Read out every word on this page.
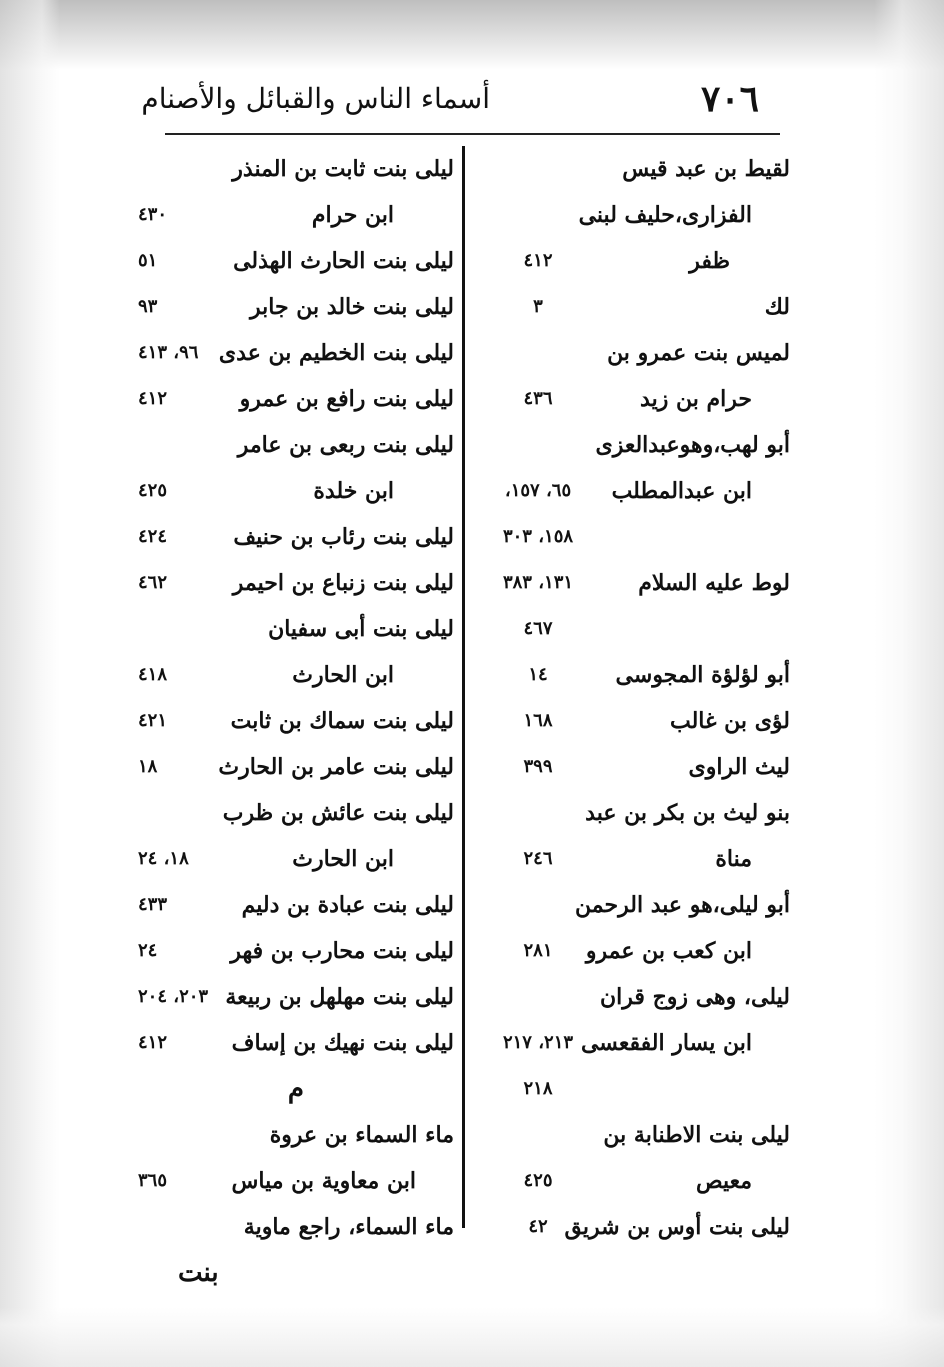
٧٠٦
أسماء الناس والقبائل والأصنام
لقيط بن عبد قيس
الفزارى،حليف لبنى
ظفر
٤١٢
لك
٣
لميس بنت عمرو بن
حرام بن زيد
٤٣٦
أبو لهب،وهوعبدالعزى
ابن عبدالمطلب
٦٥، ١٥٧،
١٥٨، ٣٠٣
لوط عليه السلام
١٣١، ٣٨٣
٤٦٧
أبو لؤلؤة المجوسى
١٤
لؤى بن غالب
١٦٨
ليث الراوى
٣٩٩
بنو ليث بن بكر بن عبد
مناة
٢٤٦
أبو ليلى،هو عبد الرحمن
ابن كعب بن عمرو
٢٨١
ليلى، وهى زوج قران
ابن يسار الفقعسى
٢١٣، ٢١٧
٢١٨
ليلى بنت الاطنابة بن
معيص
٤٢٥
ليلى بنت أوس بن شريق
٤٢
ليلى بنت ثابت بن المنذر
ابن حرام
٤٣٠
ليلى بنت الحارث الهذلى
٥١
ليلى بنت خالد بن جابر
٩٣
ليلى بنت الخطيم بن عدى
٩٦، ٤١٣
ليلى بنت رافع بن عمرو
٤١٢
ليلى بنت ربعى بن عامر
ابن خلدة
٤٢٥
ليلى بنت رئاب بن حنيف
٤٢٤
ليلى بنت زنباع بن احيمر
٤٦٢
ليلى بنت أبى سفيان
ابن الحارث
٤١٨
ليلى بنت سماك بن ثابت
٤٢١
ليلى بنت عامر بن الحارث
١٨
ليلى بنت عائش بن ظرب
ابن الحارث
١٨، ٢٤
ليلى بنت عبادة بن دليم
٤٣٣
ليلى بنت محارب بن فهر
٢٤
ليلى بنت مهلهل بن ربيعة
٢٠٣، ٢٠٤
ليلى بنت نهيك بن إساف
٤١٢
م
ماء السماء بن عروة
ابن معاوية بن مياس
٣٦٥
ماء السماء، راجع ماوية
بنت
